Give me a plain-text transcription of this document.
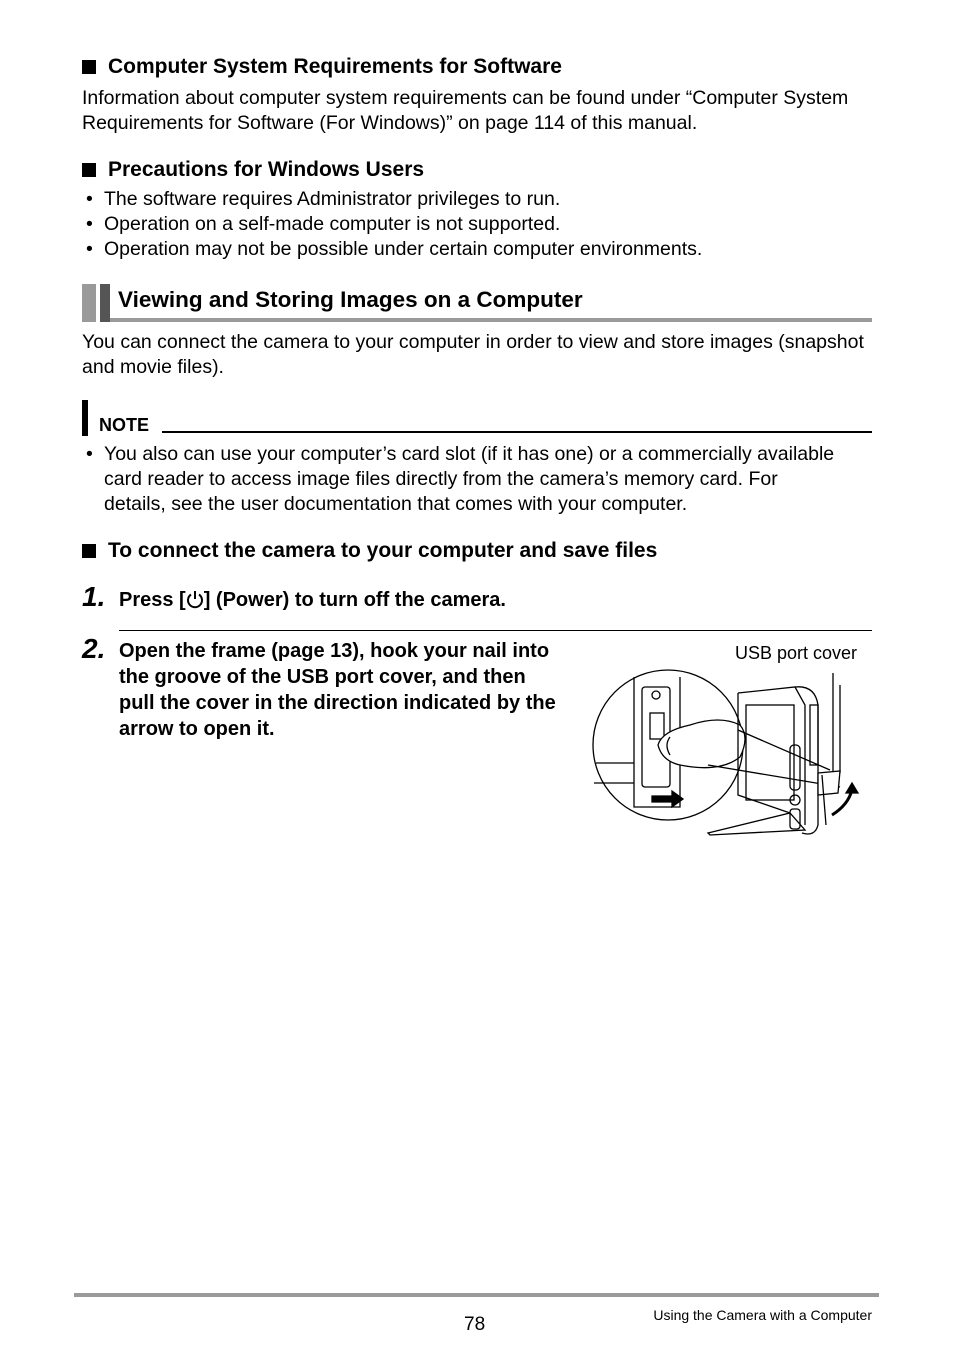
Computer System Requirements for Software
Information about computer system requirements can be found under “Computer System Requirements for Software (For Windows)” on page 114 of this manual.
Precautions for Windows Users
• The software requires Administrator privileges to run.
• Operation on a self-made computer is not supported.
• Operation may not be possible under certain computer environments.
Viewing and Storing Images on a Computer
You can connect the camera to your computer in order to view and store images (snapshot and movie files).
NOTE
• You also can use your computer’s card slot (if it has one) or a commercially available card reader to access image files directly from the camera’s memory card. For details, see the user documentation that comes with your computer.
To connect the camera to your computer and save files
1. Press [ ] (Power) to turn off the camera.
2. Open the frame (page 13), hook your nail into the groove of the USB port cover, and then pull the cover in the direction indicated by the arrow to open it.
USB port cover
78	Using the Camera with a Computer
